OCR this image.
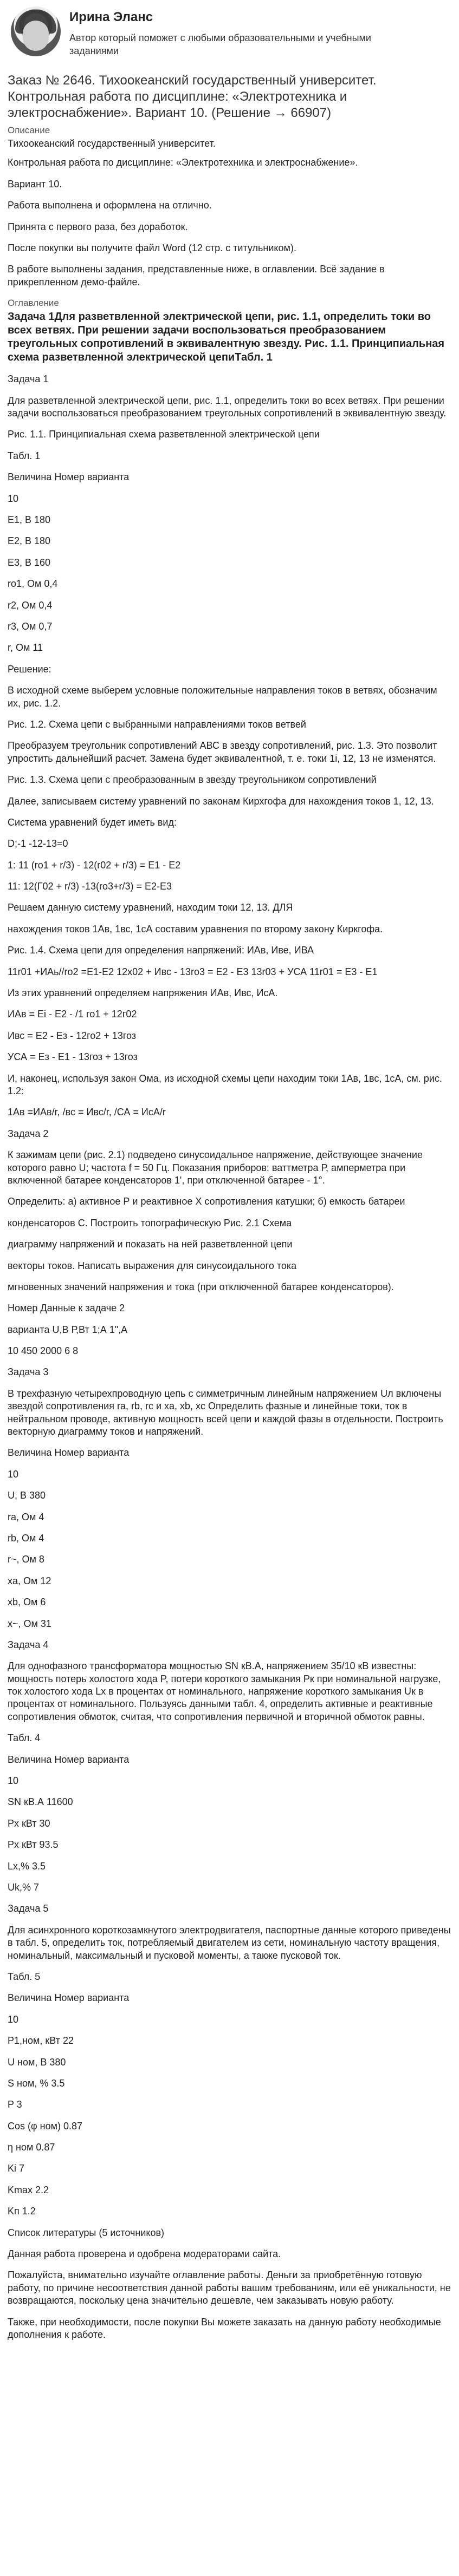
Ирина Эланс
Автор который поможет с любыми образовательными и учебными заданиями
Заказ № 2646. Тихоокеанский государственный университет. Контрольная работа по дисциплине: «Электротехника и электроснабжение». Вариант 10. (Решение → 66907)
Описание

Тихоокеанский государственный университет.

Контрольная работа по дисциплине: «Электротехника и электроснабжение».

Вариант 10.

Работа выполнена и оформлена на отлично.

Принята с первого раза, без доработок.

После покупки вы получите файл Word (12 стр. с титульником).

В работе выполнены задания, представленные ниже, в оглавлении. Всё задание в прикрепленном демо-файле.

Оглавление
Задача 1Для разветвленной электрической цепи, рис. 1.1, определить токи во всех ветвях. При решении задачи воспользоваться преобразованием треугольных сопротивлений в эквивалентную звезду. Рис. 1.1. Принципиальная схема разветвленной электрической цепиТабл. 1

Задача 1

Для разветвленной электрической цепи, рис. 1.1, определить токи во всех ветвях. При решении задачи воспользоваться преобразованием треугольных сопротивлений в эквивалентную звезду.

Рис. 1.1. Принципиальная схема разветвленной электрической цепи

Табл. 1

Величина Номер варианта

10

E1, В 180

E2, В 180

E3, В 160

ro1, Ом 0,4

r2, Ом 0,4

r3, Ом 0,7

r, Ом 11

Решение:

В исходной схеме выберем условные положительные направления токов в ветвях, обозначим их, рис. 1.2.

Рис. 1.2. Схема цепи с выбранными направлениями токов ветвей

Преобразуем треугольник сопротивлений АВС в звезду сопротивлений, рис. 1.3. Это позволит упростить дальнейший расчет. Замена будет эквивалентной, т. е. токи 1i, 12, 13 не изменятся.

Рис. 1.3. Схема цепи с преобразованным в звезду треугольником сопротивлений

Далее, записываем систему уравнений по законам Кирхгофа для нахождения токов 1, 12, 13.

Система уравнений будет иметь вид:

D;-1 -12-13=0

1: 11 (ro1 + r/3) - 12(r02 + r/3) = E1 - E2

11: 12(Г02 + r/3) -13(ro3+r/3) = E2-E3

Решаем данную систему уравнений, находим токи 12, 13. ДЛЯ

нахождения токов 1Ав, 1вс, 1сА составим уравнения по второму закону Киркгофа.

Рис. 1.4. Схема цепи для определения напряжений: ИАв, Иве, ИВА

11r01 +ИАь//ro2 =E1-E2 12x02 + Ивс - 13ro3 = E2 - E3 13r03 + УСА 11r01 = E3 - E1

Из этих уравнений определяем напряжения ИАв, Ивс, ИсА.

ИАв = Еі - Е2 - /1 го1 + 12г02

Ивс = Е2 - Ез - 12го2 + 13гоз

УСА = Ез - Е1 - 13гоз + 13гоз

И, наконец, используя закон Ома, из исходной схемы цепи находим токи 1Ав, 1вс, 1сА, см. рис. 1.2:

1Ав =ИАв/r, /вс = Ивс/r, /СА = ИсА/r

Задача 2

К зажимам цепи (рис. 2.1) подведено синусоидальное напряжение, действующее значение которого равно U; частота f = 50 Гц. Показания приборов: ваттметра Р, амперметра при включенной батарее конденсаторов 1', при отключенной батарее - 1°.

Определить: а) активное Р и реактивное Х сопротивления катушки; б) емкость батареи

конденсаторов С. Построить топографическую Рис. 2.1 Схема

диаграмму напряжений и показать на ней разветвленной цепи

векторы токов. Написать выражения для синусоидального тока

мгновенных значений напряжения и тока (при отключенной батарее конденсаторов).

Номер Данные к задаче 2

варианта U,В Р,Вт 1;А 1",А

10 450 2000 6 8

Задача 3

В трехфазную четырехпроводную цепь с симметричным линейным напряжением Uл включены звездой сопротивления ra, rb, rc и xa, xb, xc Определить фазные и линейные токи, ток в нейтральном проводе, активную мощность всей цепи и каждой фазы в отдельности. Построить векторную диаграмму токов и напряжений.

Величина Номер варианта

10

U, В 380

ra, Ом 4

rb, Ом 4

r~, Ом 8

xa, Ом 12

xb, Ом 6

x~, Ом 31

Задача 4

Для однофазного трансформатора мощностью SN кВ.А, напряжением 35/10 кВ известны: мощность потерь холостого хода P, потери короткого замыкания Pк при номинальной нагрузке, ток холостого хода Lx в процентах от номинального, напряжение короткого замыкания Uк в процентах от номинального. Пользуясь данными табл. 4, определить активные и реактивные сопротивления обмоток, считая, что сопротивления первичной и вторичной обмоток равны.

Табл. 4

Величина Номер варианта

10

SN кВ.А 11600

Px кВт 30

Px кВт 93.5

Lx,% 3.5

Uk,% 7

Задача 5

Для асинхронного короткозамкнутого электродвигателя, паспортные данные которого приведены в табл. 5, определить ток, потребляемый двигателем из сети, номинальную частоту вращения, номинальный, максимальный и пусковой моменты, а также пусковой ток.

Табл. 5

Величина Номер варианта

10

P1,ном, кВт 22

U ном, В 380

S ном, % 3.5

P 3

Cos (φ ном) 0.87

η ном 0.87

Ki 7

Kmax 2.2

Kп 1.2

Список литературы (5 источников)

Данная работа проверена и одобрена модераторами сайта.

Пожалуйста, внимательно изучайте оглавление работы. Деньги за приобретённую готовую работу, по причине несоответствия данной работы вашим требованиям, или её уникальности, не возвращаются, поскольку цена значительно дешевле, чем заказывать новую работу.

Также, при необходимости, после покупки Вы можете заказать на данную работу необходимые дополнения к работе.
